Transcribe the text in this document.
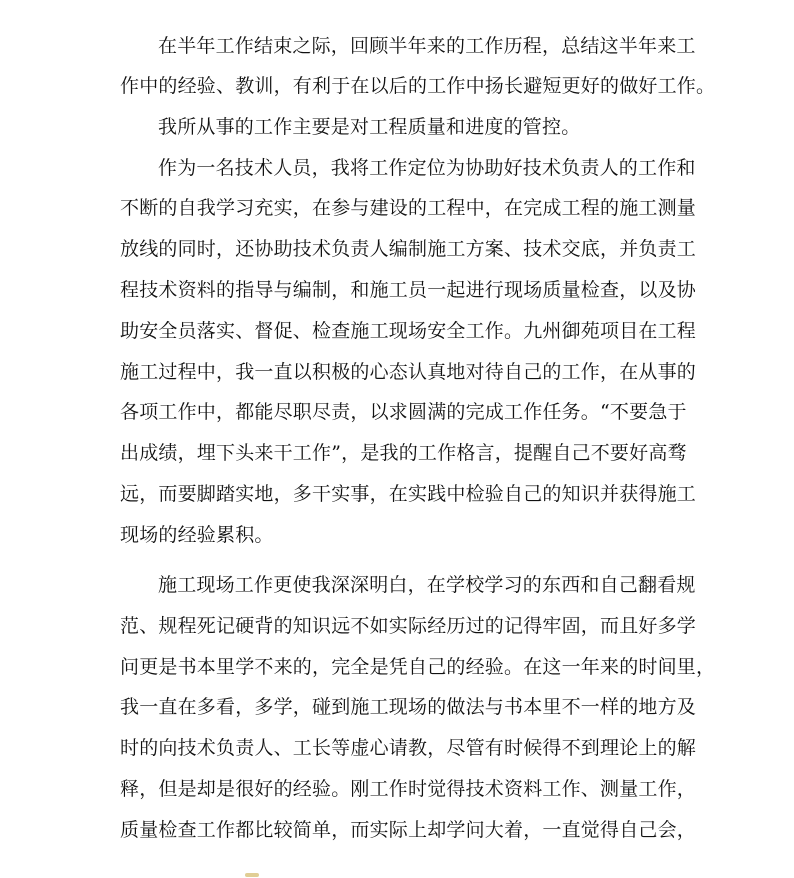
在半年工作结束之际，回顾半年来的工作历程，总结这半年来工
作中的经验、教训，有利于在以后的工作中扬长避短更好的做好工作。
我所从事的工作主要是对工程质量和进度的管控。
作为一名技术人员，我将工作定位为协助好技术负责人的工作和
不断的自我学习充实，在参与建设的工程中，在完成工程的施工测量
放线的同时，还协助技术负责人编制施工方案、技术交底，并负责工
程技术资料的指导与编制，和施工员一起进行现场质量检查，以及协
助安全员落实、督促、检查施工现场安全工作。九州御苑项目在工程
施工过程中，我一直以积极的心态认真地对待自己的工作，在从事的
各项工作中，都能尽职尽责，以求圆满的完成工作任务。“不要急于
出成绩，埋下头来干工作”，是我的工作格言，提醒自己不要好高骛
远，而要脚踏实地，多干实事，在实践中检验自己的知识并获得施工
现场的经验累积。
施工现场工作更使我深深明白，在学校学习的东西和自己翻看规
范、规程死记硬背的知识远不如实际经历过的记得牢固，而且好多学
问更是书本里学不来的，完全是凭自己的经验。在这一年来的时间里，
我一直在多看，多学，碰到施工现场的做法与书本里不一样的地方及
时的向技术负责人、工长等虚心请教，尽管有时候得不到理论上的解
释，但是却是很好的经验。刚工作时觉得技术资料工作、测量工作，
质量检查工作都比较简单，而实际上却学问大着，一直觉得自己会，
